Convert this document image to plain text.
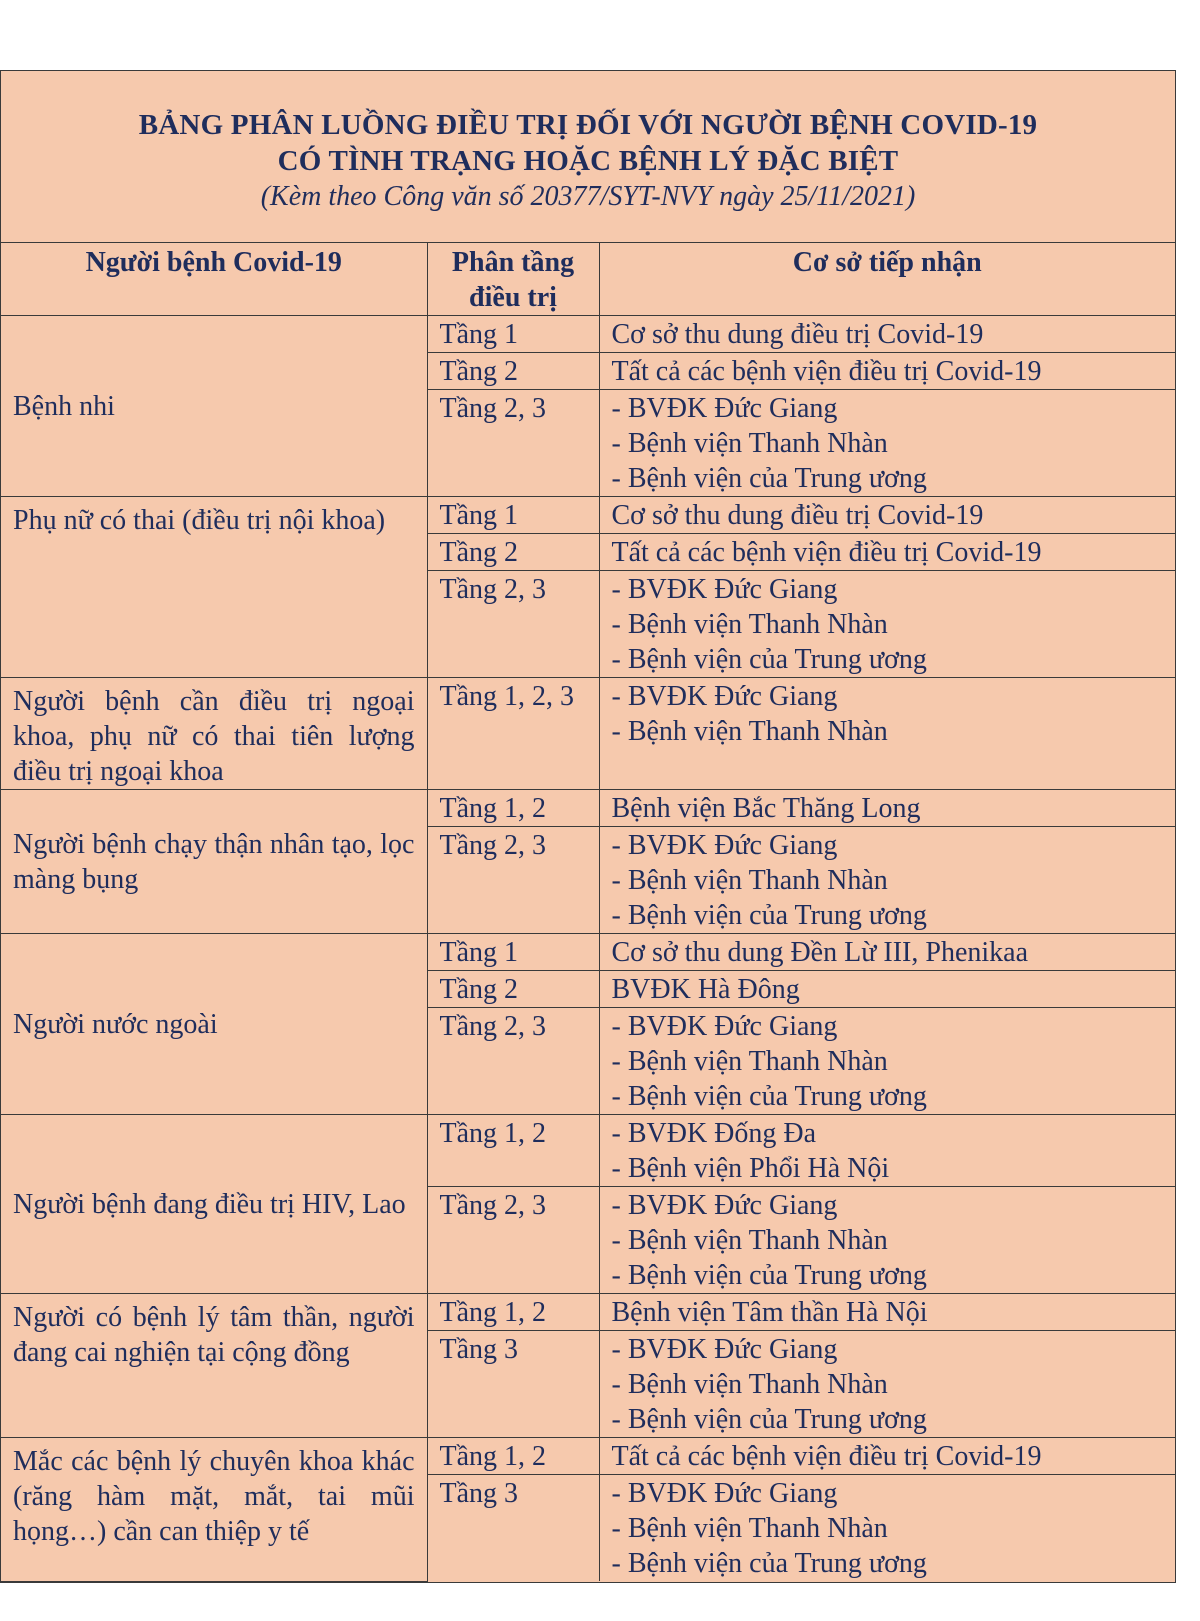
BẢNG PHÂN LUỒNG ĐIỀU TRỊ ĐỐI VỚI NGƯỜI BỆNH COVID-19
CÓ TÌNH TRẠNG HOẶC BỆNH LÝ ĐẶC BIỆT
(Kèm theo Công văn số 20377/SYT-NVY ngày 25/11/2021)
Người bệnh Covid-19	Phân tầng điều trị	Cơ sở tiếp nhận
Bệnh nhi	Tầng 1	Cơ sở thu dung điều trị Covid-19

	Tầng 2	Tất cả các bệnh viện điều trị Covid-19

	Tầng 2, 3	- BVĐK Đức Giang
- Bệnh viện Thanh Nhàn
- Bệnh viện của Trung ương

Phụ nữ có thai (điều trị nội khoa)	Tầng 1	Cơ sở thu dung điều trị Covid-19

	Tầng 2	Tất cả các bệnh viện điều trị Covid-19

	Tầng 2, 3	- BVĐK Đức Giang
- Bệnh viện Thanh Nhàn
- Bệnh viện của Trung ương

Người bệnh cần điều trị ngoại khoa, phụ nữ có thai tiên lượng điều trị ngoại khoa	Tầng 1, 2, 3	- BVĐK Đức Giang
- Bệnh viện Thanh Nhàn

Người bệnh chạy thận nhân tạo, lọc màng bụng	Tầng 1, 2	Bệnh viện Bắc Thăng Long

	Tầng 2, 3	- BVĐK Đức Giang
- Bệnh viện Thanh Nhàn
- Bệnh viện của Trung ương

Người nước ngoài	Tầng 1	Cơ sở thu dung Đền Lừ III, Phenikaa

	Tầng 2	BVĐK Hà Đông

	Tầng 2, 3	- BVĐK Đức Giang
- Bệnh viện Thanh Nhàn
- Bệnh viện của Trung ương

Người bệnh đang điều trị HIV, Lao	Tầng 1, 2	- BVĐK Đống Đa
- Bệnh viện Phổi Hà Nội

	Tầng 2, 3	- BVĐK Đức Giang
- Bệnh viện Thanh Nhàn
- Bệnh viện của Trung ương

Người có bệnh lý tâm thần, người đang cai nghiện tại cộng đồng	Tầng 1, 2	Bệnh viện Tâm thần Hà Nội

	Tầng 3	- BVĐK Đức Giang
- Bệnh viện Thanh Nhàn
- Bệnh viện của Trung ương

Mắc các bệnh lý chuyên khoa khác (răng hàm mặt, mắt, tai mũi họng…) cần can thiệp y tế	Tầng 1, 2	Tất cả các bệnh viện điều trị Covid-19

	Tầng 3	- BVĐK Đức Giang
- Bệnh viện Thanh Nhàn
- Bệnh viện của Trung ương
